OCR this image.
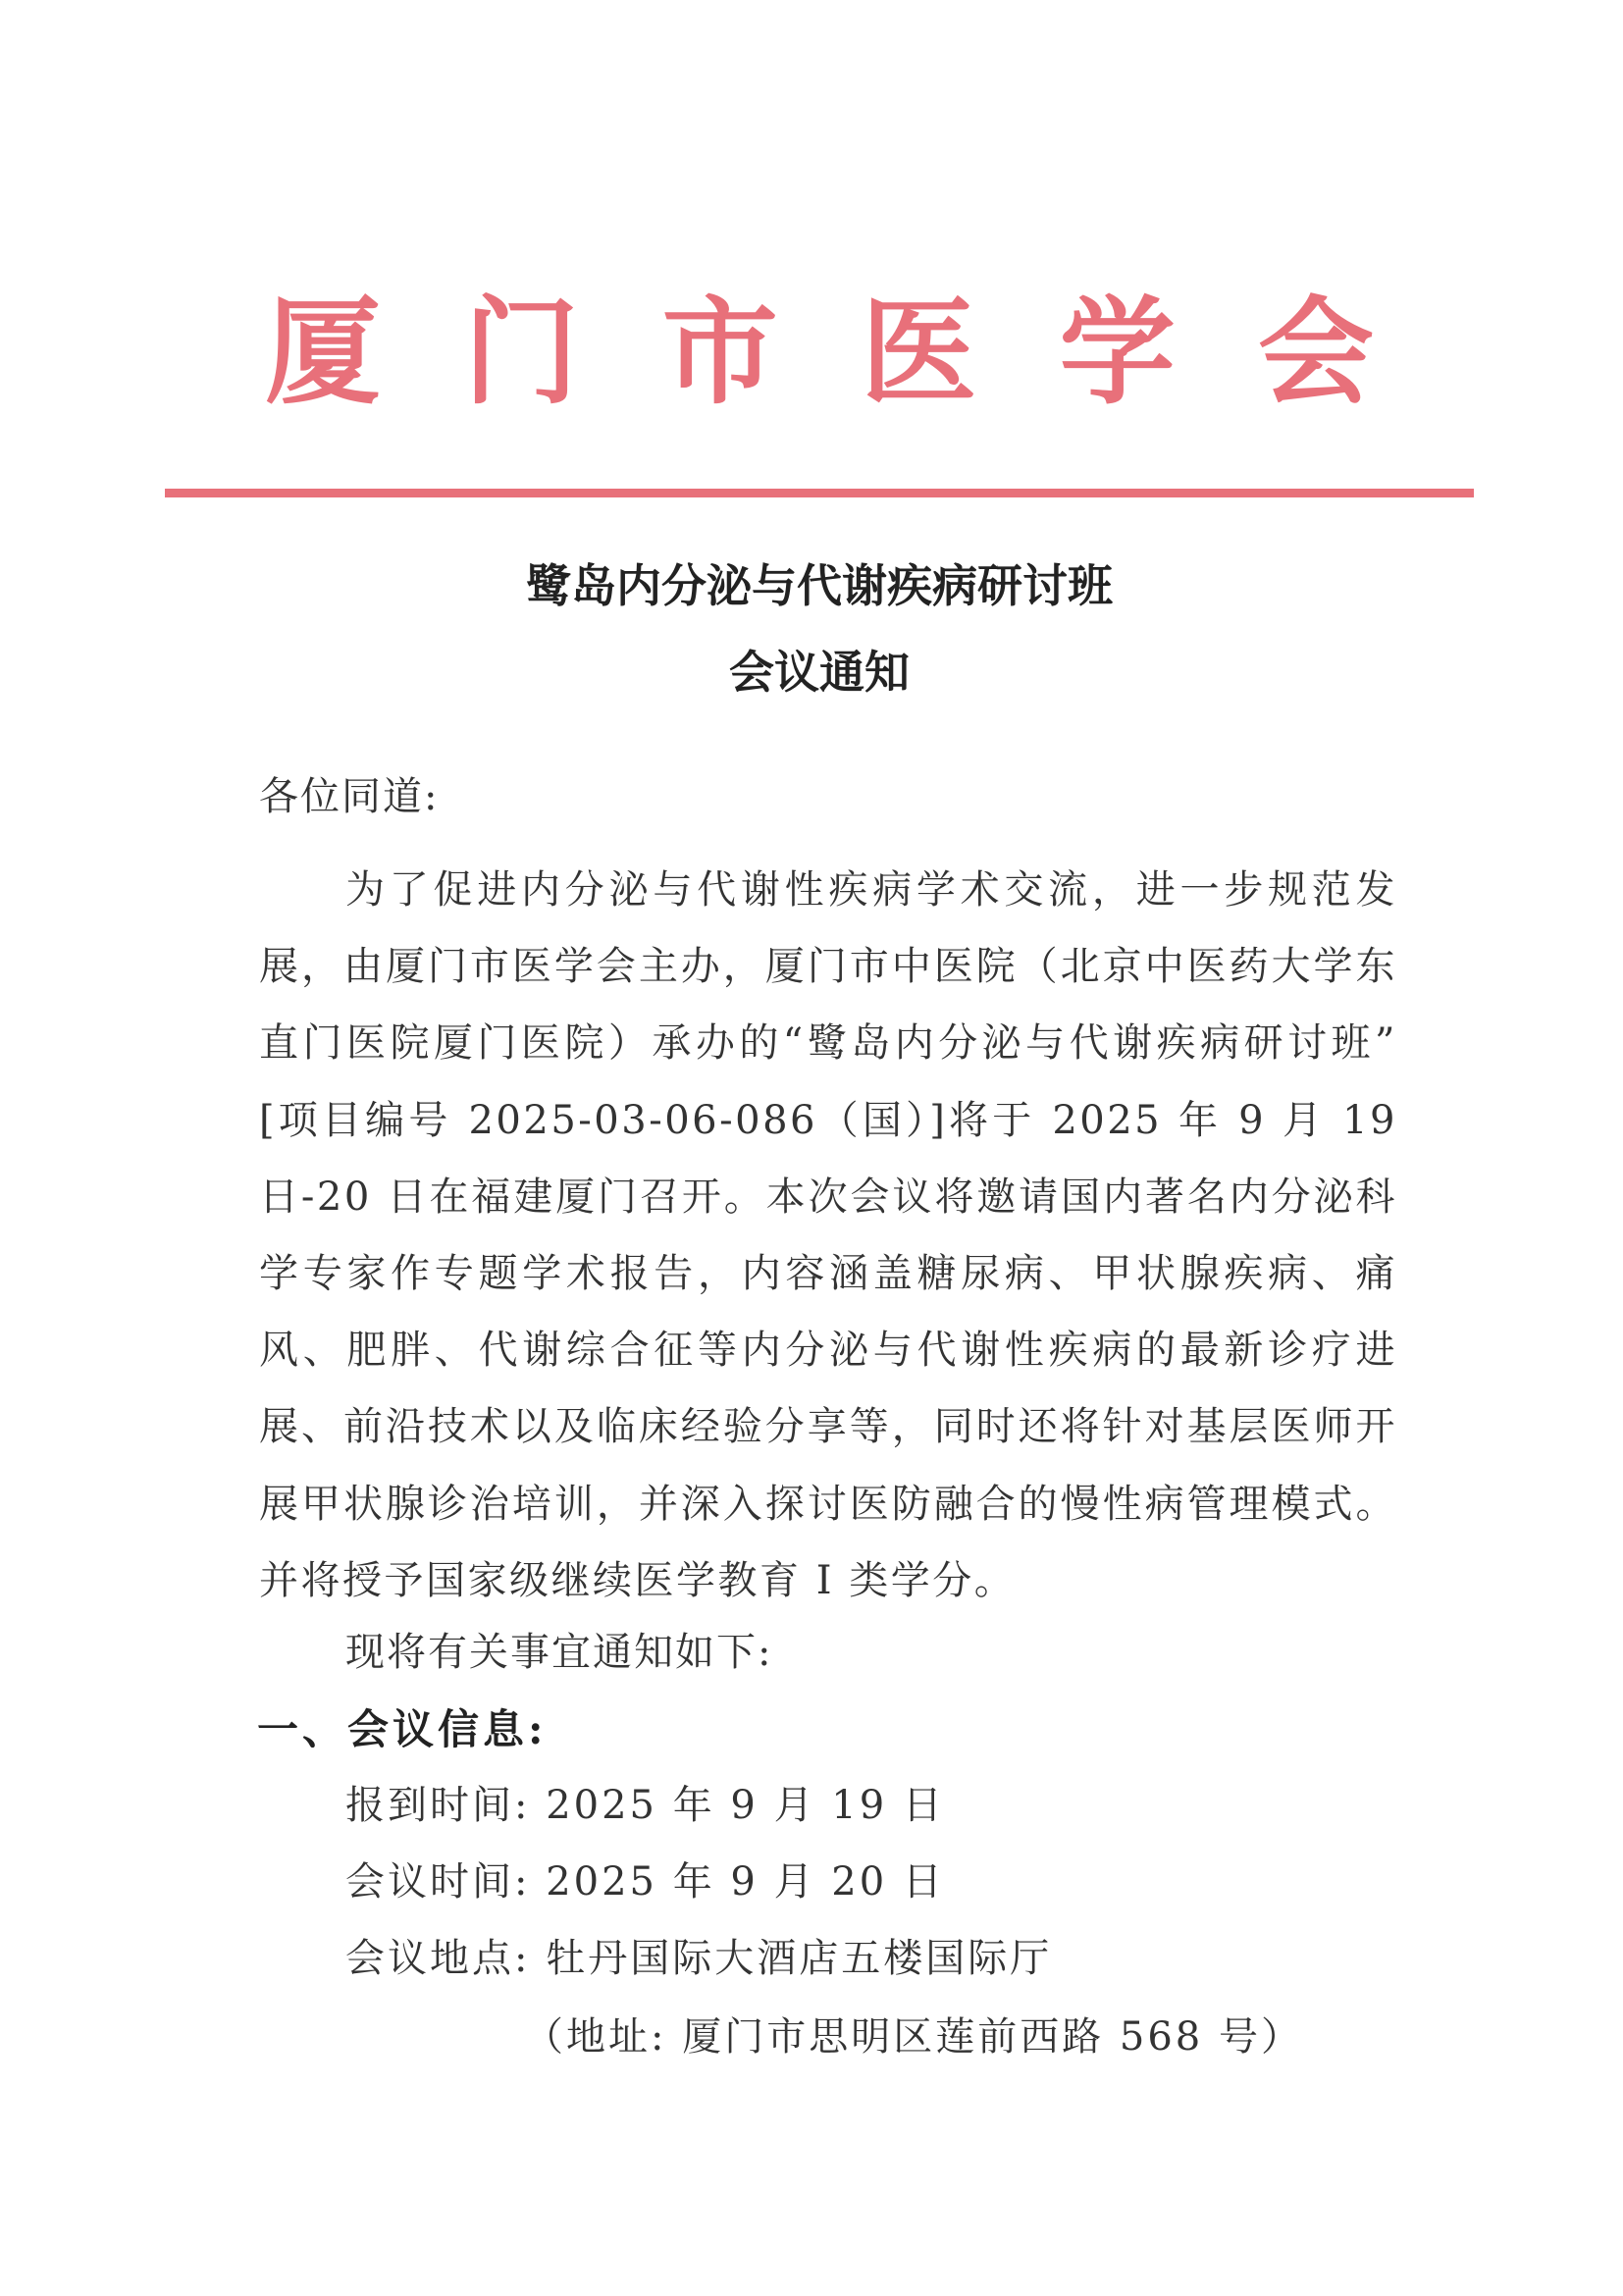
厦 门 市 医 学 会
鹭岛内分泌与代谢疾病研讨班
会议通知
各位同道:
为了促进内分泌与代谢性疾病学术交流，进一步规范发展，由厦门市医学会主办，厦门市中医院（北京中医药大学东直门医院厦门医院）承办的“鹭岛内分泌与代谢疾病研讨班” [项目编号 2025-03-06-086（国）]将于 2025 年 9 月 19 日-20 日在福建厦门召开。本次会议将邀请国内著名内分泌科学专家作专题学术报告，内容涵盖糖尿病、甲状腺疾病、痛风、肥胖、代谢综合征等内分泌与代谢性疾病的最新诊疗进展、前沿技术以及临床经验分享等，同时还将针对基层医师开展甲状腺诊治培训，并深入探讨医防融合的慢性病管理模式。并将授予国家级继续医学教育 I 类学分。
现将有关事宜通知如下:
一、会议信息:
报到时间: 2025 年 9 月 19 日
会议时间: 2025 年 9 月 20 日
会议地点: 牡丹国际大酒店五楼国际厅
（地址: 厦门市思明区莲前西路 568 号）
